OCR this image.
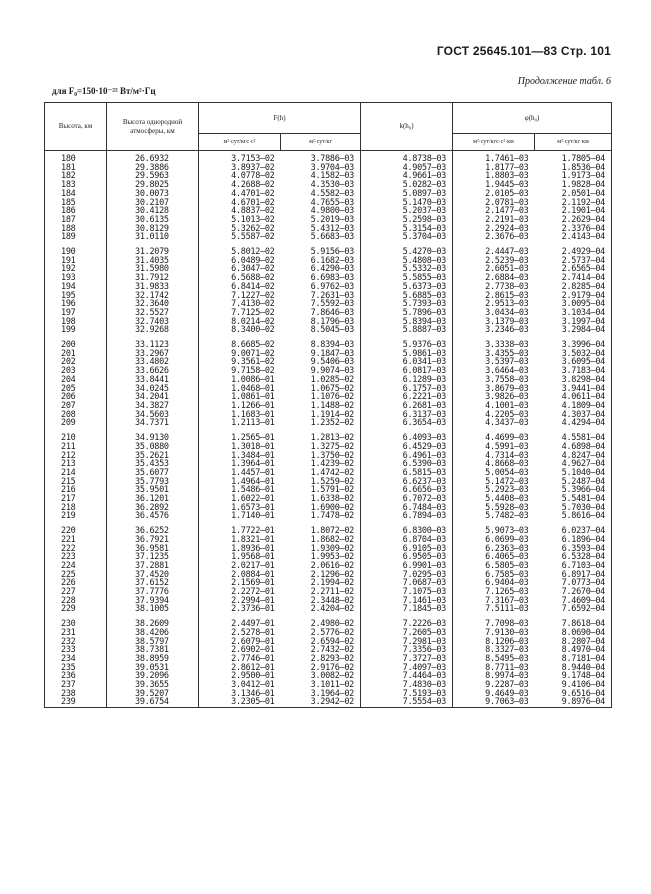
ГОСТ 25645.101—83 Стр. 101
Продолжение табл. 6
для F₀=150·10⁻²² Вт/м²·Гц
Высота, км	Высота однородной атмосферы, км	F(h)		k(h₀)	φ(h₀)	
		м²·сут/кгс·с²	м²·сут/кг		м²·сут/кгс·с²·км	м²·сут/кг·км
180	26.6932	3.7153—02	3.7886—03	4.8738—03	1.7461—03	1.7805—04
181	29.3886	3.8937—02	3.9704—03	4.9057—03	1.8177—03	1.8536—04
182	29.5963	4.0778—02	4.1582—03	4.9661—03	1.8803—03	1.9173—04
183	29.8025	4.2688—02	4.3530—03	5.0282—03	1.9445—03	1.9828—04
184	30.0073	4.4701—02	4.5582—03	5.0897—03	2.0105—03	2.0501—04
185	30.2107	4.6701—02	4.7655—03	5.1470—03	2.0781—03	2.1192—04
186	30.4128	4.8837—02	4.9800—03	5.2037—03	2.1477—03	2.1901—04
187	30.6135	5.1013—02	5.2019—03	5.2598—03	2.2191—03	2.2629—04
188	30.8129	5.3262—02	5.4312—03	5.3154—03	2.2924—03	2.3376—04
189	31.0110	5.5587—02	5.6683—03	5.3704—03	2.3676—03	2.4143—04

190	31.2079	5.8012—02	5.9156—03	5.4270—03	2.4447—03	2.4929—04
191	31.4035	6.0489—02	6.1682—03	5.4808—03	2.5239—03	2.5737—04
192	31.5980	6.3047—02	6.4290—03	5.5332—03	2.6051—03	2.6565—04
193	31.7912	6.5688—02	6.6983—03	5.5855—03	2.6884—03	2.7414—04
194	31.9833	6.8414—02	6.9762—03	5.6373—03	2.7738—03	2.8285—04
195	32.1742	7.1227—02	7.2631—03	5.6885—03	2.8615—03	2.9179—04
196	32.3640	7.4130—02	7.5592—03	5.7393—03	2.9513—03	3.0095—04
197	32.5527	7.7125—02	7.8646—03	5.7896—03	3.0434—03	3.1034—04
198	32.7403	8.0214—02	8.1796—03	5.8394—03	3.1379—03	3.1997—04
199	32.9268	8.3400—02	8.5045—03	5.8887—03	3.2346—03	3.2984—04

200	33.1123	8.6685—02	8.8394—03	5.9376—03	3.3338—03	3.3996—04
201	33.2967	9.0071—02	9.1847—03	5.9861—03	3.4355—03	3.5032—04
202	33.4802	9.3561—02	9.5406—03	6.0341—03	3.5397—03	3.6095—04
203	33.6626	9.7158—02	9.9074—03	6.0817—03	3.6464—03	3.7183—04
204	33.8441	1.0086—01	1.0285—02	6.1289—03	3.7558—03	3.8298—04
205	34.0245	1.0468—01	1.0675—02	6.1757—03	3.8679—03	3.9441—04
206	34.2041	1.0861—01	1.1076—02	6.2221—03	3.9826—03	4.0611—04
207	34.3827	1.1266—01	1.1488—02	6.2681—03	4.1001—03	4.1809—04
208	34.5603	1.1683—01	1.1914—02	6.3137—03	4.2205—03	4.3037—04
209	34.7371	1.2113—01	1.2352—02	6.3654—03	4.3437—03	4.4294—04

210	34.9130	1.2565—01	1.2813—02	6.4093—03	4.4699—03	4.5581—04
211	35.0880	1.3018—01	1.3275—02	6.4529—03	4.5991—03	4.6898—04
212	35.2621	1.3484—01	1.3750—02	6.4961—03	4.7314—03	4.8247—04
213	35.4353	1.3964—01	1.4239—02	6.5390—03	4.8668—03	4.9627—04
214	35.6077	1.4457—01	1.4742—02	6.5815—03	5.0054—03	5.1040—04
215	35.7793	1.4964—01	1.5259—02	6.6237—03	5.1472—03	5.2487—04
216	35.9501	1.5486—01	1.5791—02	6.6656—03	5.2923—03	5.3966—04
217	36.1201	1.6022—01	1.6338—02	6.7072—03	5.4408—03	5.5481—04
218	36.2892	1.6573—01	1.6900—02	6.7484—03	5.5928—03	5.7030—04
219	36.4576	1.7140—01	1.7478—02	6.7894—03	5.7482—03	5.8616—04

220	36.6252	1.7722—01	1.8072—02	6.8300—03	5.9073—03	6.0237—04
221	36.7921	1.8321—01	1.8682—02	6.8704—03	6.0699—03	6.1896—04
222	36.9581	1.8936—01	1.9309—02	6.9105—03	6.2363—03	6.3593—04
223	37.1235	1.9568—01	1.9953—02	6.9505—03	6.4065—03	6.5328—04
224	37.2881	2.0217—01	2.0616—02	6.9901—03	6.5805—03	6.7103—04
225	37.4520	2.0884—01	2.1296—02	7.0295—03	6.7585—03	6.8917—04
226	37.6152	2.1569—01	2.1994—02	7.0687—03	6.9404—03	7.0773—04
227	37.7776	2.2272—01	2.2711—02	7.1075—03	7.1265—03	7.2670—04
228	37.9394	2.2994—01	2.3448—02	7.1461—03	7.3167—03	7.4609—04
229	38.1005	2.3736—01	2.4204—02	7.1845—03	7.5111—03	7.6592—04

230	38.2609	2.4497—01	2.4980—02	7.2226—03	7.7098—03	7.8618—04
231	38.4206	2.5278—01	2.5776—02	7.2605—03	7.9130—03	8.0690—04
232	38.5797	2.6079—01	2.6594—02	7.2981—03	8.1206—03	8.2807—04
233	38.7381	2.6902—01	2.7432—02	7.3356—03	8.3327—03	8.4970—04
234	38.8959	2.7746—01	2.8293—02	7.3727—03	8.5495—03	8.7181—04
235	39.0531	2.8612—01	2.9176—02	7.4097—03	8.7711—03	8.9440—04
236	39.2096	2.9500—01	3.0082—02	7.4464—03	8.9974—03	9.1748—04
237	39.3655	3.0412—01	3.1011—02	7.4830—03	9.2287—03	9.4106—04
238	39.5207	3.1346—01	3.1964—02	7.5193—03	9.4649—03	9.6516—04
239	39.6754	3.2305—01	3.2942—02	7.5554—03	9.7063—03	9.8976—04
